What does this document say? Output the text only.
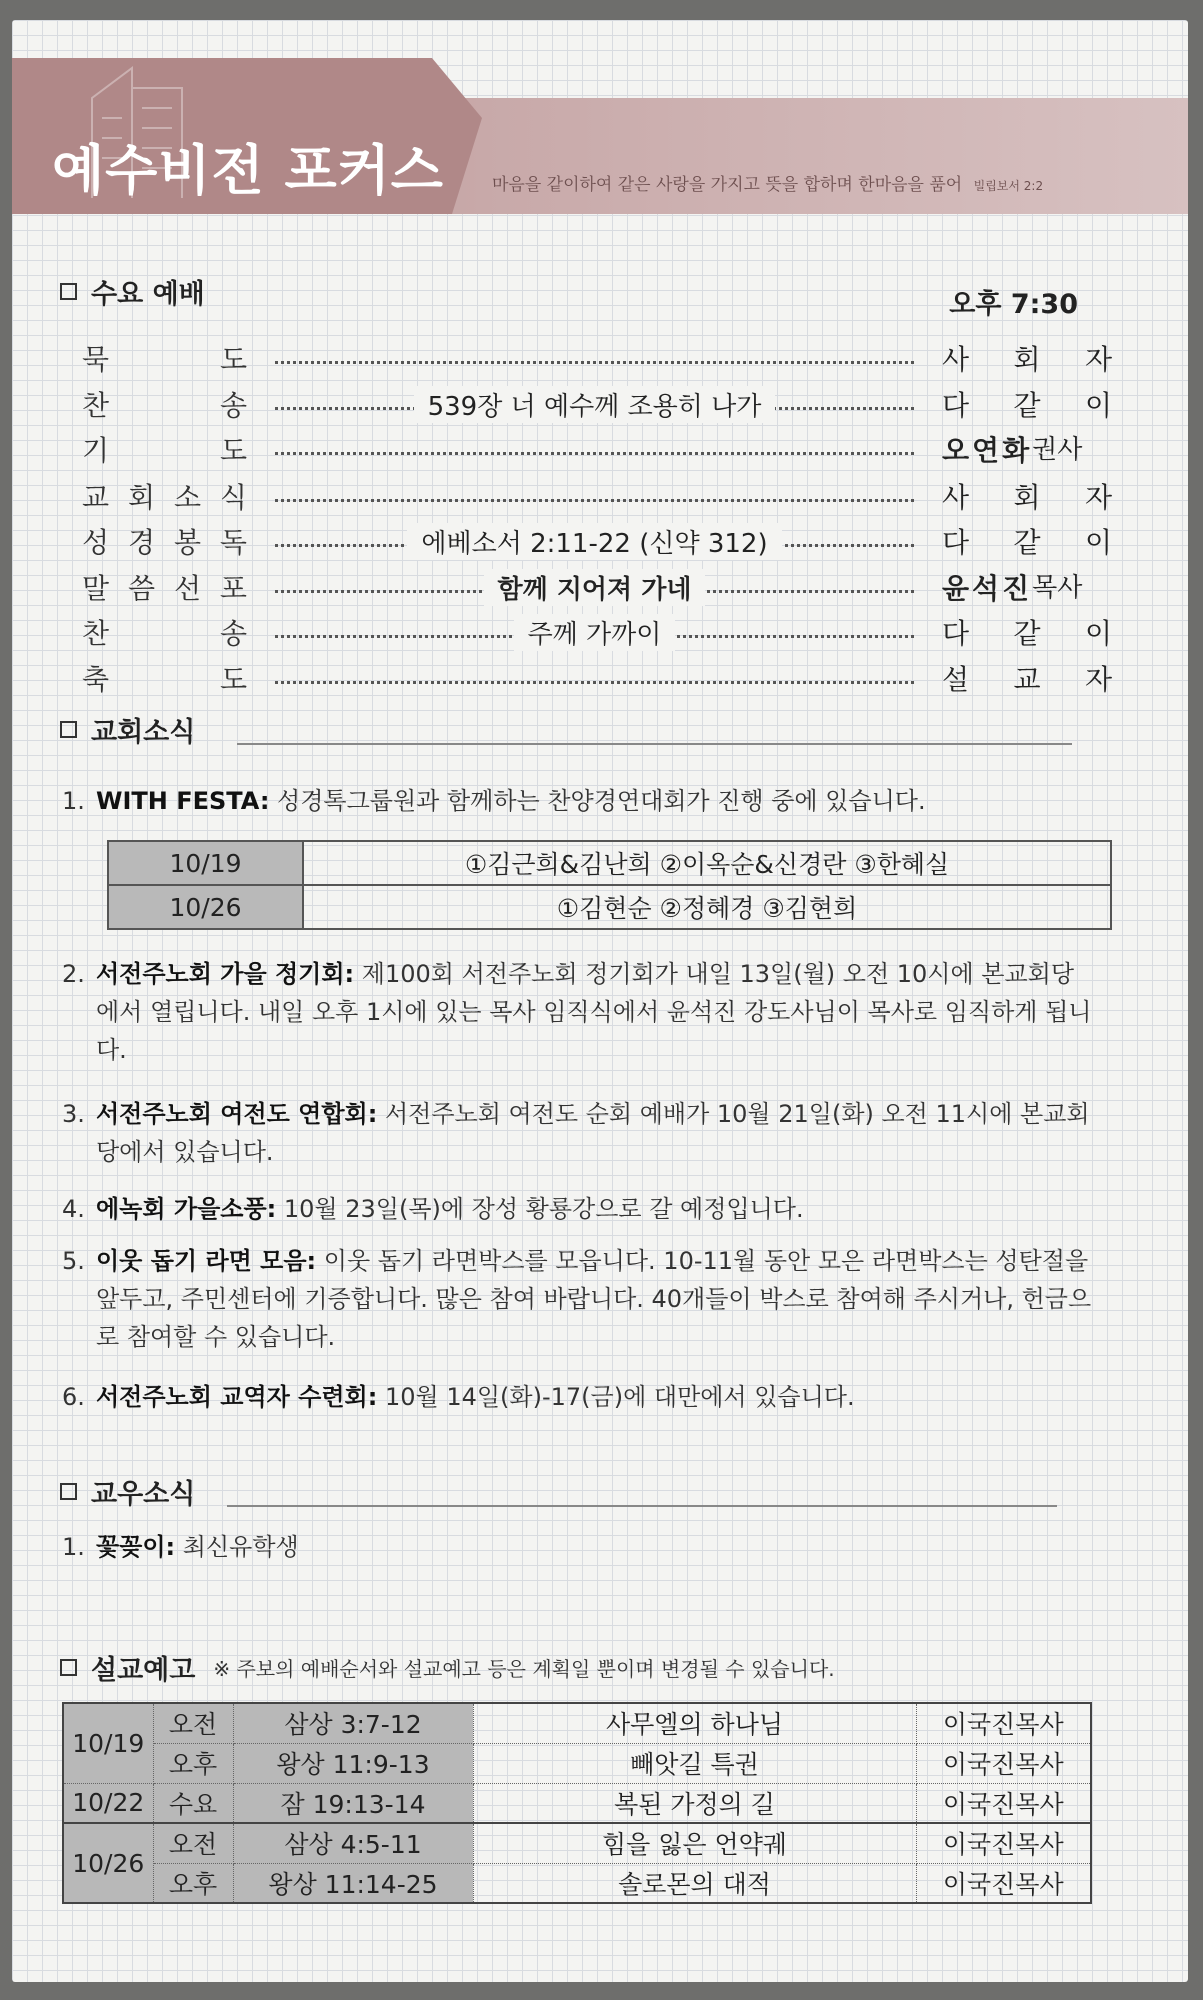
예수비전 포커스	마음을 같이하여 같은 사랑을 가지고 뜻을 합하며 한마음을 품어 빌립보서 2:2
수요 예배	오후 7:30
묵	도	사 회 자
찬	송	539장 너 예수께 조용히 나가	다 같 이
기	도	오연화 권사
교 회 소 식	사 회 자
성 경 봉 독	에베소서 2:11-22 (신약 312)	다 같 이
말 씀 선 포	함께 지어져 가네	윤석진 목사
찬	송	주께 가까이	다 같 이
축	도	설 교 자
교회소식
1. WITH FESTA: 성경톡그룹원과 함께하는 찬양경연대회가 진행 중에 있습니다.
10/19	①김근희&김난희 ②이옥순&신경란 ③한혜실
10/26	①김현순 ②정혜경 ③김현희
2. 서전주노회 가을 정기회: 제100회 서전주노회 정기회가 내일 13일(월) 오전 10시에 본교회당에서 열립니다. 내일 오후 1시에 있는 목사 임직식에서 윤석진 강도사님이 목사로 임직하게 됩니다.
3. 서전주노회 여전도 연합회: 서전주노회 여전도 순회 예배가 10월 21일(화) 오전 11시에 본교회당에서 있습니다.
4. 에녹회 가을소풍: 10월 23일(목)에 장성 황룡강으로 갈 예정입니다.
5. 이웃 돕기 라면 모음: 이웃 돕기 라면박스를 모읍니다. 10-11월 동안 모은 라면박스는 성탄절을 앞두고, 주민센터에 기증합니다. 많은 참여 바랍니다. 40개들이 박스로 참여해 주시거나, 헌금으로 참여할 수 있습니다.
6. 서전주노회 교역자 수련회: 10월 14일(화)-17(금)에 대만에서 있습니다.
교우소식
1. 꽃꽂이: 최신유학생
설교예고 ※ 주보의 예배순서와 설교예고 등은 계획일 뿐이며 변경될 수 있습니다.
10/19	오전	삼상 3:7-12	사무엘의 하나님	이국진목사
	오후	왕상 11:9-13	빼앗길 특권	이국진목사
10/22	수요	잠 19:13-14	복된 가정의 길	이국진목사
10/26	오전	삼상 4:5-11	힘을 잃은 언약궤	이국진목사
	오후	왕상 11:14-25	솔로몬의 대적	이국진목사
